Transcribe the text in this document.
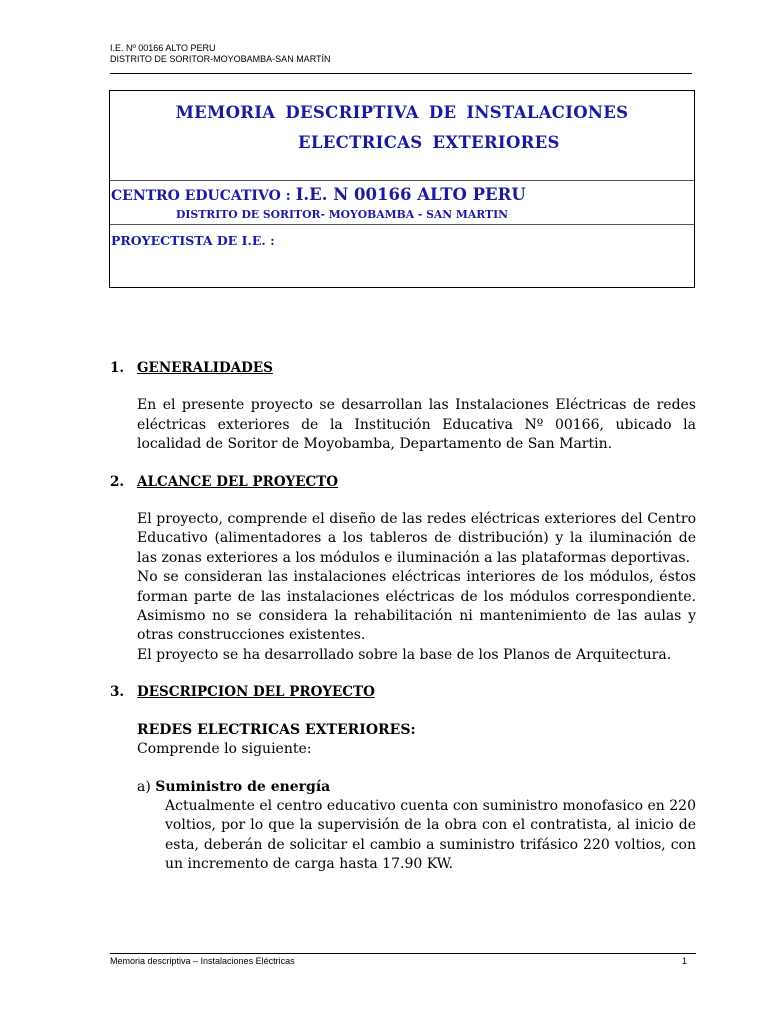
I.E. Nº 00166 ALTO PERU
DISTRITO DE SORITOR-MOYOBAMBA-SAN MARTÍN
MEMORIA DESCRIPTIVA DE INSTALACIONES
ELECTRICAS EXTERIORES
CENTRO EDUCATIVO : I.E. N 00166 ALTO PERU
DISTRITO DE SORITOR- MOYOBAMBA - SAN MARTIN
PROYECTISTA DE I.E. :
1. GENERALIDADES

En el presente proyecto se desarrollan las Instalaciones Eléctricas de redes eléctricas exteriores de la Institución Educativa Nº 00166, ubicado la localidad de Soritor de Moyobamba, Departamento de San Martin.

2. ALCANCE DEL PROYECTO

El proyecto, comprende el diseño de las redes eléctricas exteriores del Centro Educativo (alimentadores a los tableros de distribución) y la iluminación de las zonas exteriores a los módulos e iluminación a las plataformas deportivas.

No se consideran las instalaciones eléctricas interiores de los módulos, éstos forman parte de las instalaciones eléctricas de los módulos correspondiente. Asimismo no se considera la rehabilitación ni mantenimiento de las aulas y otras construcciones existentes.

El proyecto se ha desarrollado sobre la base de los Planos de Arquitectura.

3. DESCRIPCION DEL PROYECTO

REDES ELECTRICAS EXTERIORES:

Comprende lo siguiente:

a) Suministro de energía

Actualmente el centro educativo cuenta con suministro monofasico en 220 voltios, por lo que la supervisión de la obra con el contratista, al inicio de esta, deberán de solicitar el cambio a suministro trifásico 220 voltios, con un incremento de carga hasta 17.90 KW.

Memoria descriptiva – Instalaciones Eléctricas	1
